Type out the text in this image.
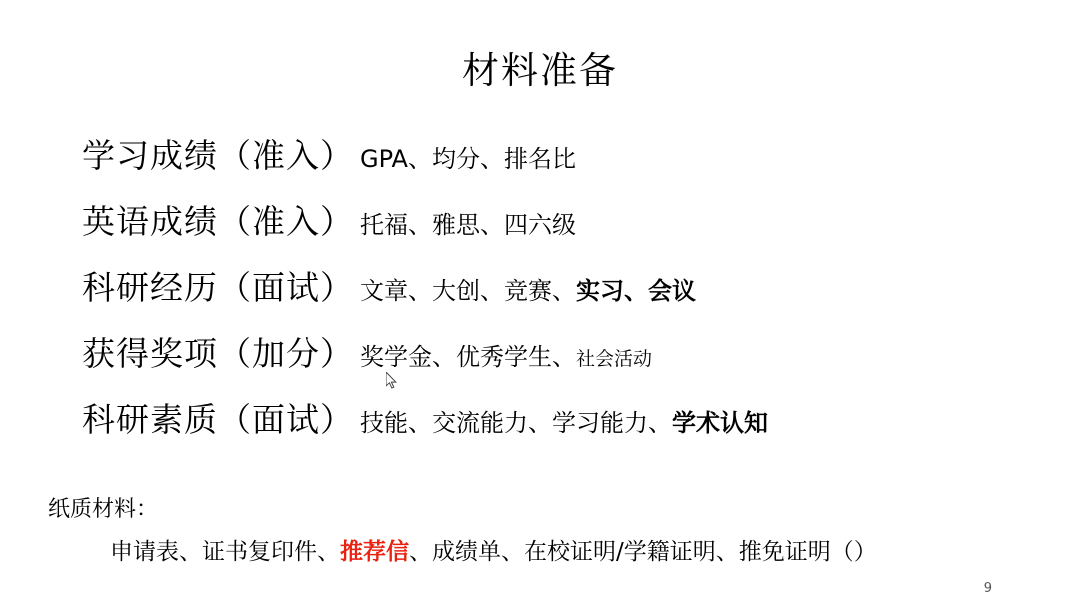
材料准备
学习成绩（准入） GPA、均分、排名比
英语成绩（准入） 托福、雅思、四六级
科研经历（面试） 文章、大创、竞赛、实习、会议
获得奖项（加分） 奖学金、优秀学生、社会活动
科研素质（面试） 技能、交流能力、学习能力、学术认知
纸质材料：
申请表、证书复印件、推荐信、成绩单、在校证明/学籍证明、推免证明（）
9
